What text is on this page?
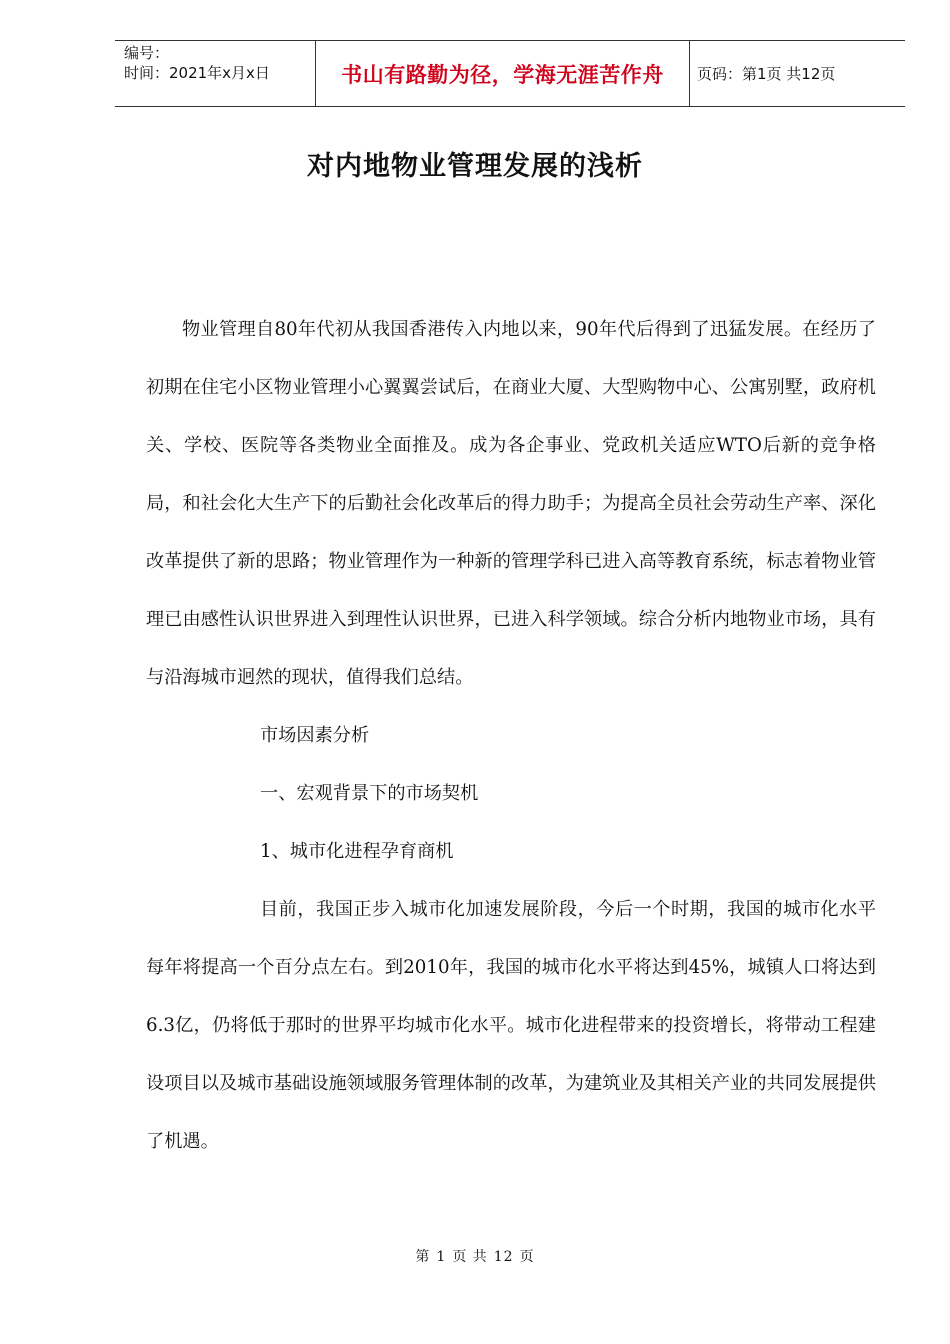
编号：
时间：2021年x月x日	书山有路勤为径，学海无涯苦作舟 页码：第1页 共12页
对内地物业管理发展的浅析

物业管理自80年代初从我国香港传入内地以来，90年代后得到了迅猛发展。在经历了初期在住宅小区物业管理小心翼翼尝试后，在商业大厦、大型购物中心、公寓别墅，政府机关、学校、医院等各类物业全面推及。成为各企事业、党政机关适应WTO后新的竞争格局，和社会化大生产下的后勤社会化改革后的得力助手；为提高全员社会劳动生产率、深化改革提供了新的思路；物业管理作为一种新的管理学科已进入高等教育系统，标志着物业管理已由感性认识世界进入到理性认识世界，已进入科学领域。综合分析内地物业市场，具有与沿海城市迥然的现状，值得我们总结。

市场因素分析

一、宏观背景下的市场契机

1、城市化进程孕育商机

目前，我国正步入城市化加速发展阶段，今后一个时期，我国的城市化水平每年将提高一个百分点左右。到2010年，我国的城市化水平将达到45%，城镇人口将达到6.3亿，仍将低于那时的世界平均城市化水平。城市化进程带来的投资增长，将带动工程建设项目以及城市基础设施领域服务管理体制的改革，为建筑业及其相关产业的共同发展提供了机遇。

第 1 页 共 12 页
